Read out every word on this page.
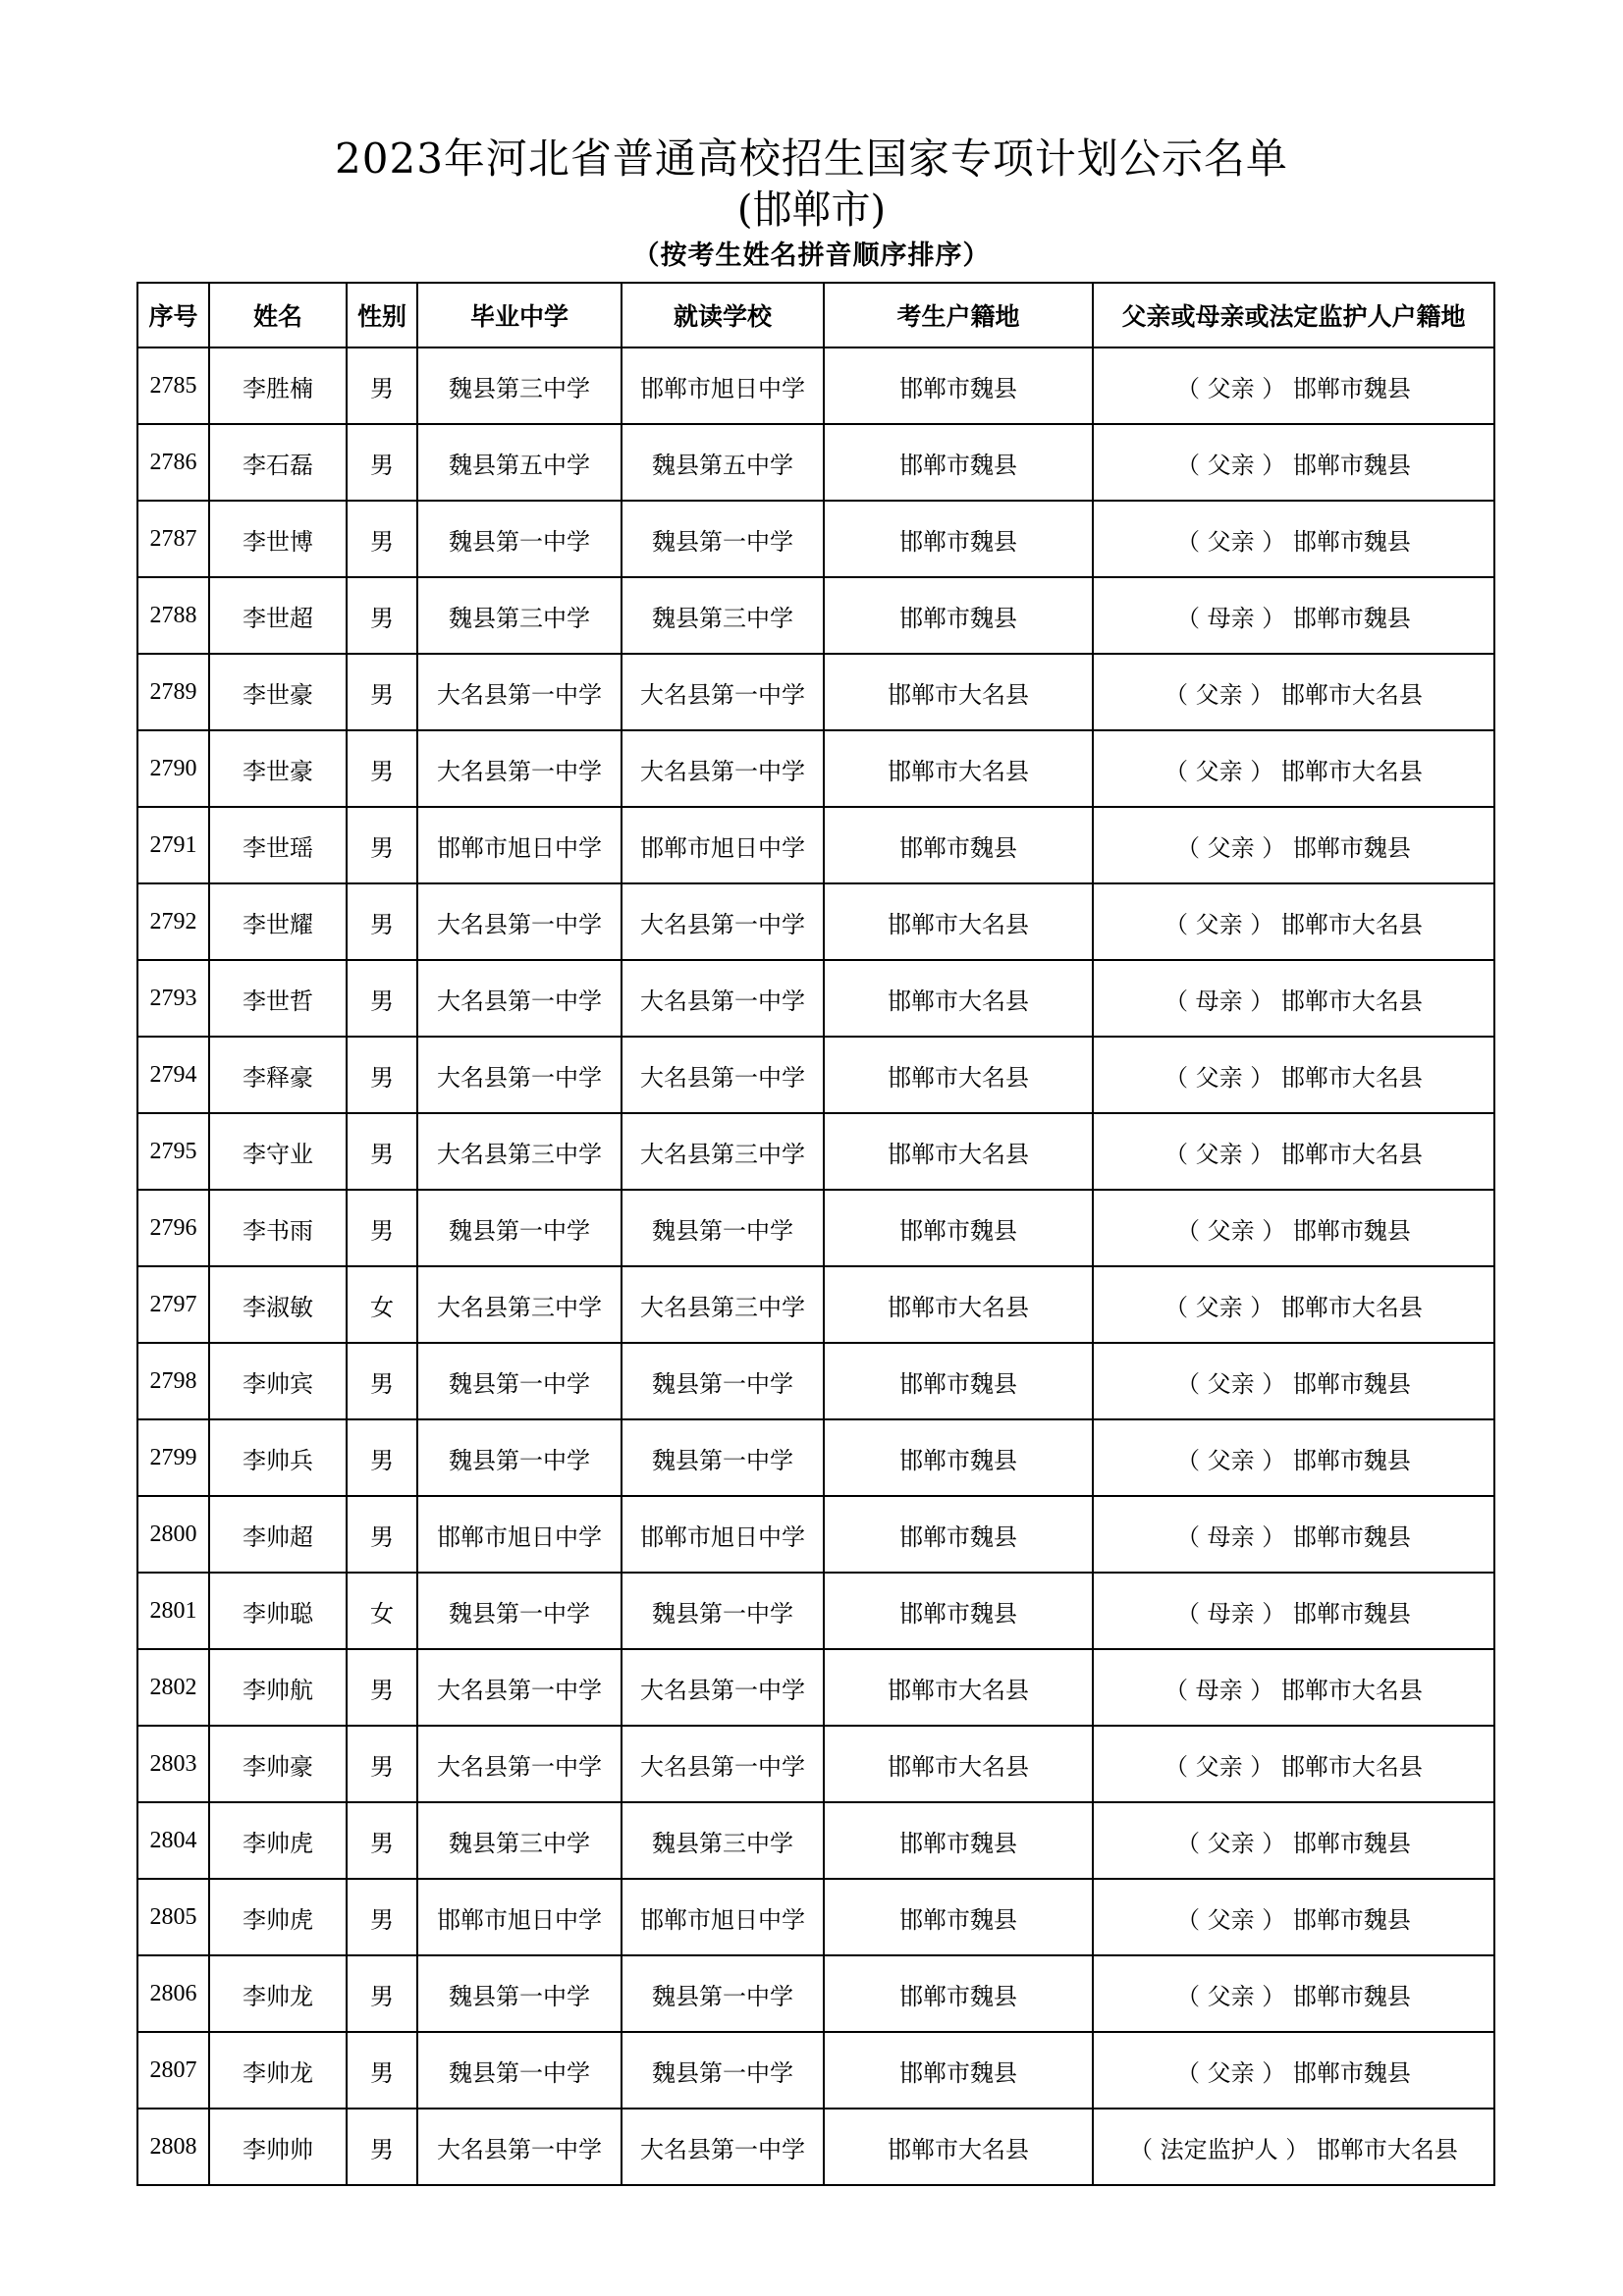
2023年河北省普通高校招生国家专项计划公示名单
(邯郸市)
（按考生姓名拼音顺序排序）
序号	姓名	性别	毕业中学	就读学校	考生户籍地	父亲或母亲或法定监护人户籍地
2785	李胜楠	男	魏县第三中学	邯郸市旭日中学	邯郸市魏县	（ 父亲 ） 邯郸市魏县
2786	李石磊	男	魏县第五中学	魏县第五中学	邯郸市魏县	（ 父亲 ） 邯郸市魏县
2787	李世博	男	魏县第一中学	魏县第一中学	邯郸市魏县	（ 父亲 ） 邯郸市魏县
2788	李世超	男	魏县第三中学	魏县第三中学	邯郸市魏县	（ 母亲 ） 邯郸市魏县
2789	李世豪	男	大名县第一中学	大名县第一中学	邯郸市大名县	（ 父亲 ） 邯郸市大名县
2790	李世豪	男	大名县第一中学	大名县第一中学	邯郸市大名县	（ 父亲 ） 邯郸市大名县
2791	李世瑶	男	邯郸市旭日中学	邯郸市旭日中学	邯郸市魏县	（ 父亲 ） 邯郸市魏县
2792	李世耀	男	大名县第一中学	大名县第一中学	邯郸市大名县	（ 父亲 ） 邯郸市大名县
2793	李世哲	男	大名县第一中学	大名县第一中学	邯郸市大名县	（ 母亲 ） 邯郸市大名县
2794	李释豪	男	大名县第一中学	大名县第一中学	邯郸市大名县	（ 父亲 ） 邯郸市大名县
2795	李守业	男	大名县第三中学	大名县第三中学	邯郸市大名县	（ 父亲 ） 邯郸市大名县
2796	李书雨	男	魏县第一中学	魏县第一中学	邯郸市魏县	（ 父亲 ） 邯郸市魏县
2797	李淑敏	女	大名县第三中学	大名县第三中学	邯郸市大名县	（ 父亲 ） 邯郸市大名县
2798	李帅宾	男	魏县第一中学	魏县第一中学	邯郸市魏县	（ 父亲 ） 邯郸市魏县
2799	李帅兵	男	魏县第一中学	魏县第一中学	邯郸市魏县	（ 父亲 ） 邯郸市魏县
2800	李帅超	男	邯郸市旭日中学	邯郸市旭日中学	邯郸市魏县	（ 母亲 ） 邯郸市魏县
2801	李帅聪	女	魏县第一中学	魏县第一中学	邯郸市魏县	（ 母亲 ） 邯郸市魏县
2802	李帅航	男	大名县第一中学	大名县第一中学	邯郸市大名县	（ 母亲 ） 邯郸市大名县
2803	李帅豪	男	大名县第一中学	大名县第一中学	邯郸市大名县	（ 父亲 ） 邯郸市大名县
2804	李帅虎	男	魏县第三中学	魏县第三中学	邯郸市魏县	（ 父亲 ） 邯郸市魏县
2805	李帅虎	男	邯郸市旭日中学	邯郸市旭日中学	邯郸市魏县	（ 父亲 ） 邯郸市魏县
2806	李帅龙	男	魏县第一中学	魏县第一中学	邯郸市魏县	（ 父亲 ） 邯郸市魏县
2807	李帅龙	男	魏县第一中学	魏县第一中学	邯郸市魏县	（ 父亲 ） 邯郸市魏县
2808	李帅帅	男	大名县第一中学	大名县第一中学	邯郸市大名县	（ 法定监护人 ） 邯郸市大名县
